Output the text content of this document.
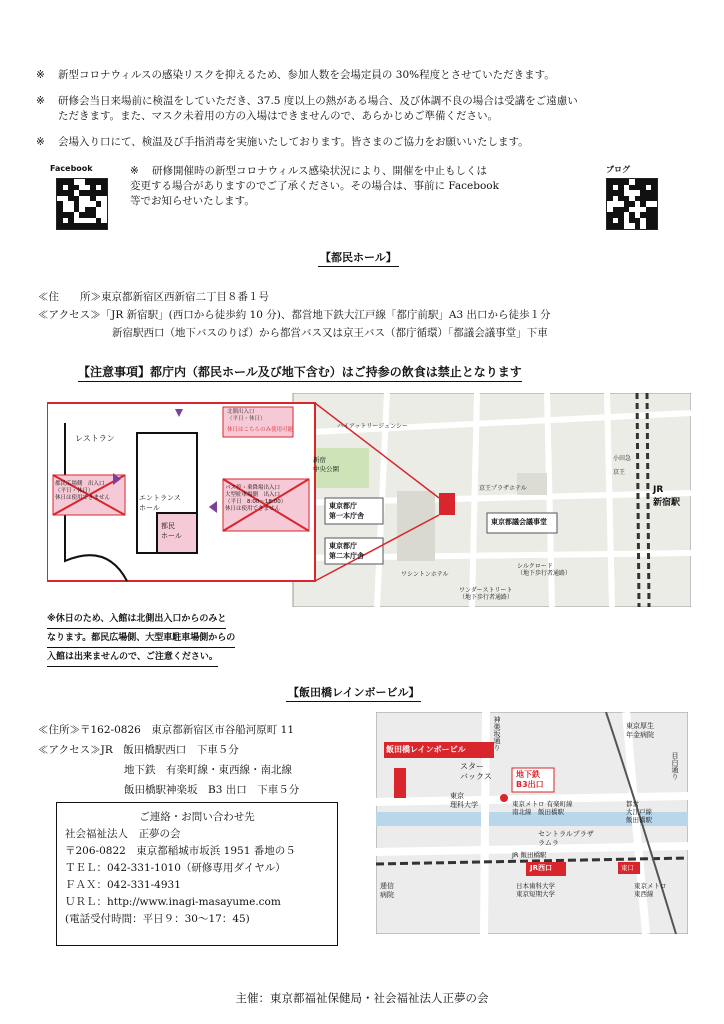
※ 新型コロナウィルスの感染リスクを抑えるため、参加人数を会場定員の 30%程度とさせていただきます。
※ 研修会当日来場前に検温をしていただき、37.5 度以上の熱がある場合、及び体調不良の場合は受講をご遠慮い
ただきます。また、マスク未着用の方の入場はできませんので、あらかじめご準備ください。
※ 会場入り口にて、検温及び手指消毒を実施いたしております。皆さまのご協力をお願いいたします。
Facebook	※ 研修開催時の新型コロナウィルス感染状況により、開催を中止もしくは
変更する場合がありますのでご了承ください。その場合は、事前に Facebook
等でお知らせいたします。
ブログ
【都民ホール】
≪住　　所≫東京都新宿区西新宿二丁目８番１号
≪アクセス≫「JR 新宿駅」(西口から徒歩約 10 分)、都営地下鉄大江戸線「都庁前駅」A3 出口から徒歩１分
新宿駅西口（地下バスのりば）から都営バス又は京王バス（都庁循環）「都議会議事堂」下車
【注意事項】都庁内（都民ホール及び地下含む）はご持参の飲食は禁止となります
レストラン
エントランス
ホール
都民
ホール
北側出入口
（平日・休日）
休日はこちらのみ使用可能
都民広場側　出入口
（平日・休日）
休日は使用できません
バス停・乗降場出入口
大型駐車場側　出入口
（平日　8:00〜18:00）
休日は使用できません
新宿
中央公園
東京都庁
第一本庁舎
東京都庁
第二本庁舎
東京都議会議事堂
JR
新宿駅
ワシントンホテル
ワンダーストリート
（地下歩行者通路）
シルクロード
（地下歩行者通路）
ハイアットリージェンシー
京王プラザホテル
小田急
京王
※休日のため、入館は北側出入口からのみと
なります。都民広場側、大型車駐車場側からの
入館は出来ませんので、ご注意ください。
【飯田橋レインボービル】
≪住所≫〒162-0826　東京都新宿区市谷船河原町 11
≪アクセス≫JR　飯田橋駅西口　下車５分
地下鉄　有楽町線・東西線・南北線
飯田橋駅神楽坂　B3 出口　下車５分
飯田橋レインボービル
スター
バックス
東京
理科大学
地下鉄
B3出口
東京メトロ 有楽町線
南北線　飯田橋駅
都営
大江戸線
飯田橋駅
セントラルプラザ
ラムラ
JR 飯田橋駅
JR西口	東口
日本歯科大学
東京短期大学
神楽坂通り	東京厚生
年金病院
目白通り
逓信
病院
東京メトロ
東西線
ご連絡・お問い合わせ先
社会福祉法人　正夢の会
〒206-0822　東京都稲城市坂浜 1951 番地の５
ＴＥＬ：042-331-1010（研修専用ダイヤル）
ＦＡＸ：042-331-4931
ＵＲＬ：http://www.inagi-masayume.com
(電話受付時間：平日９：30〜17：45)
主催：東京都福祉保健局・社会福祉法人正夢の会
